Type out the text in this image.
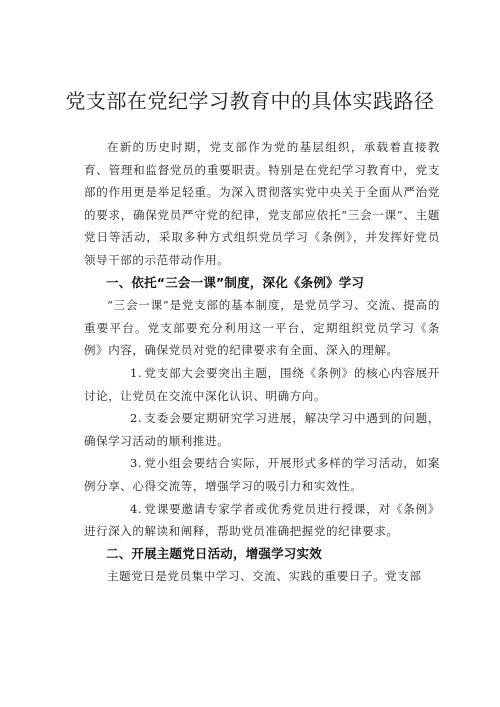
党支部在党纪学习教育中的具体实践路径

在新的历史时期，党支部作为党的基层组织，承载着直接教育、管理和监督党员的重要职责。特别是在党纪学习教育中，党支部的作用更是举足轻重。为深入贯彻落实党中央关于全面从严治党的要求，确保党员严守党的纪律，党支部应依托“三会一课”、主题党日等活动，采取多种方式组织党员学习《条例》，并发挥好党员领导干部的示范带动作用。

一、依托“三会一课”制度，深化《条例》学习

“三会一课”是党支部的基本制度，是党员学习、交流、提高的重要平台。党支部要充分利用这一平台，定期组织党员学习《条例》内容，确保党员对党的纪律要求有全面、深入的理解。

1. 党支部大会要突出主题，围绕《条例》的核心内容展开讨论，让党员在交流中深化认识、明确方向。

2. 支委会要定期研究学习进展，解决学习中遇到的问题，确保学习活动的顺利推进。

3. 党小组会要结合实际，开展形式多样的学习活动，如案例分享、心得交流等，增强学习的吸引力和实效性。

4. 党课要邀请专家学者或优秀党员进行授课，对《条例》进行深入的解读和阐释，帮助党员准确把握党的纪律要求。

二、开展主题党日活动，增强学习实效

主题党日是党员集中学习、交流、实践的重要日子。党支部
